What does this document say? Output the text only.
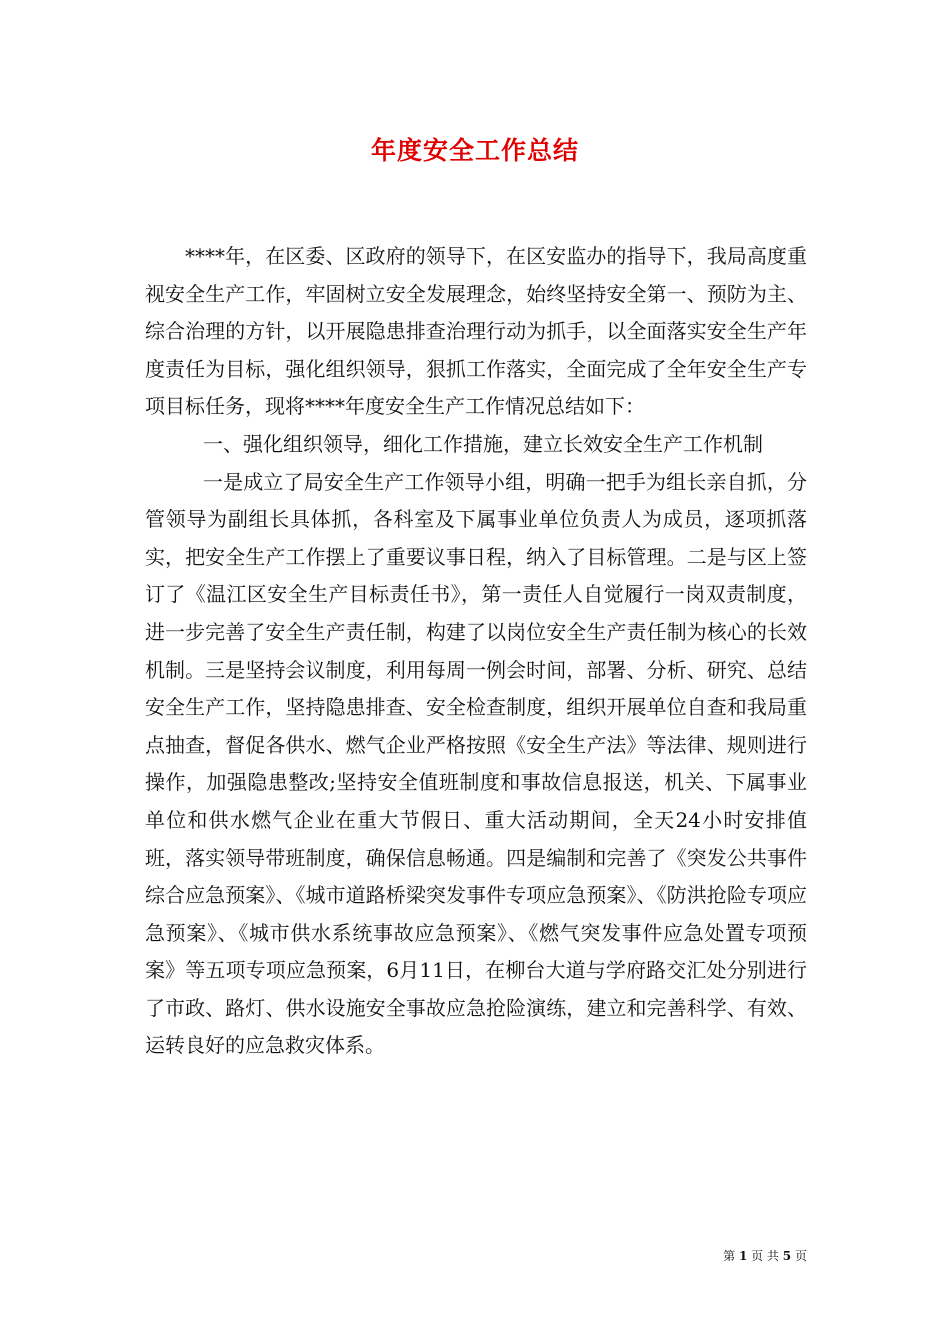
年度安全工作总结

****年，在区委、区政府的领导下，在区安监办的指导下，我局高度重视安全生产工作，牢固树立安全发展理念，始终坚持安全第一、预防为主、综合治理的方针，以开展隐患排查治理行动为抓手，以全面落实安全生产年度责任为目标，强化组织领导，狠抓工作落实，全面完成了全年安全生产专项目标任务，现将****年度安全生产工作情况总结如下：

一、强化组织领导，细化工作措施，建立长效安全生产工作机制

一是成立了局安全生产工作领导小组，明确一把手为组长亲自抓，分管领导为副组长具体抓，各科室及下属事业单位负责人为成员，逐项抓落实，把安全生产工作摆上了重要议事日程，纳入了目标管理。二是与区上签订了《温江区安全生产目标责任书》，第一责任人自觉履行一岗双责制度，进一步完善了安全生产责任制，构建了以岗位安全生产责任制为核心的长效机制。三是坚持会议制度，利用每周一例会时间，部署、分析、研究、总结安全生产工作，坚持隐患排查、安全检查制度，组织开展单位自查和我局重点抽查，督促各供水、燃气企业严格按照《安全生产法》等法律、规则进行操作，加强隐患整改;坚持安全值班制度和事故信息报送，机关、下属事业单位和供水燃气企业在重大节假日、重大活动期间，全天24小时安排值班，落实领导带班制度，确保信息畅通。四是编制和完善了《突发公共事件综合应急预案》、《城市道路桥梁突发事件专项应急预案》、《防洪抢险专项应急预案》、《城市供水系统事故应急预案》、《燃气突发事件应急处置专项预案》等五项专项应急预案，6月11日，在柳台大道与学府路交汇处分别进行了市政、路灯、供水设施安全事故应急抢险演练，建立和完善科学、有效、运转良好的应急救灾体系。

第 1 页 共 5 页
